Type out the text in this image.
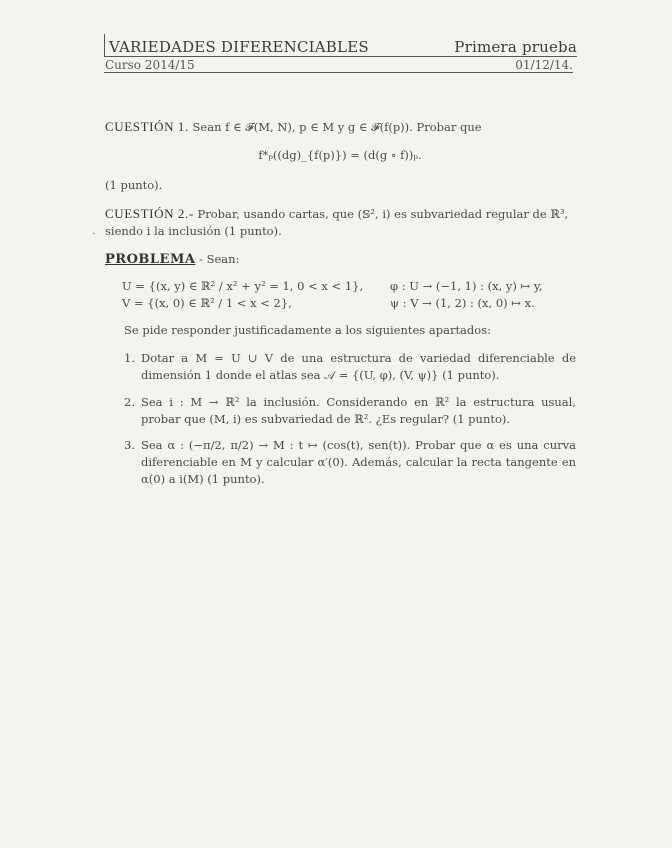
VARIEDADES DIFERENCIABLES	Primera prueba
Curso 2014/15	01/12/14.
CUESTIÓN 1. Sean f ∈ 𝓕(M, N), p ∈ M y g ∈ 𝓕(f(p)). Probar que
f*ₚ((dg)_{f(p)}) = (d(g ∘ f))ₚ.
(1 punto).
CUESTIÓN 2.- Probar, usando cartas, que (𝕊², i) es subvariedad regular de ℝ³,
siendo i la inclusión (1 punto).
.
PROBLEMA - Sean:
U = {(x, y) ∈ ℝ² / x² + y² = 1, 0 < x < 1},	φ : U → (−1, 1) : (x, y) ↦ y,
V = {(x, 0) ∈ ℝ² / 1 < x < 2},	ψ : V → (1, 2) : (x, 0) ↦ x.
Se pide responder justificadamente a los siguientes apartados:
1. Dotar a M = U ∪ V de una estructura de variedad diferenciable de dimensión 1 donde el atlas sea 𝒜 = {(U, φ), (V, ψ)} (1 punto).
2. Sea i : M → ℝ² la inclusión. Considerando en ℝ² la estructura usual, probar que (M, i) es subvariedad de ℝ². ¿Es regular? (1 punto).
3. Sea α : (−π/2, π/2) → M : t ↦ (cos(t), sen(t)). Probar que α es una curva diferenciable en M y calcular α′(0). Además, calcular la recta tangente en α(0) a i(M) (1 punto).
